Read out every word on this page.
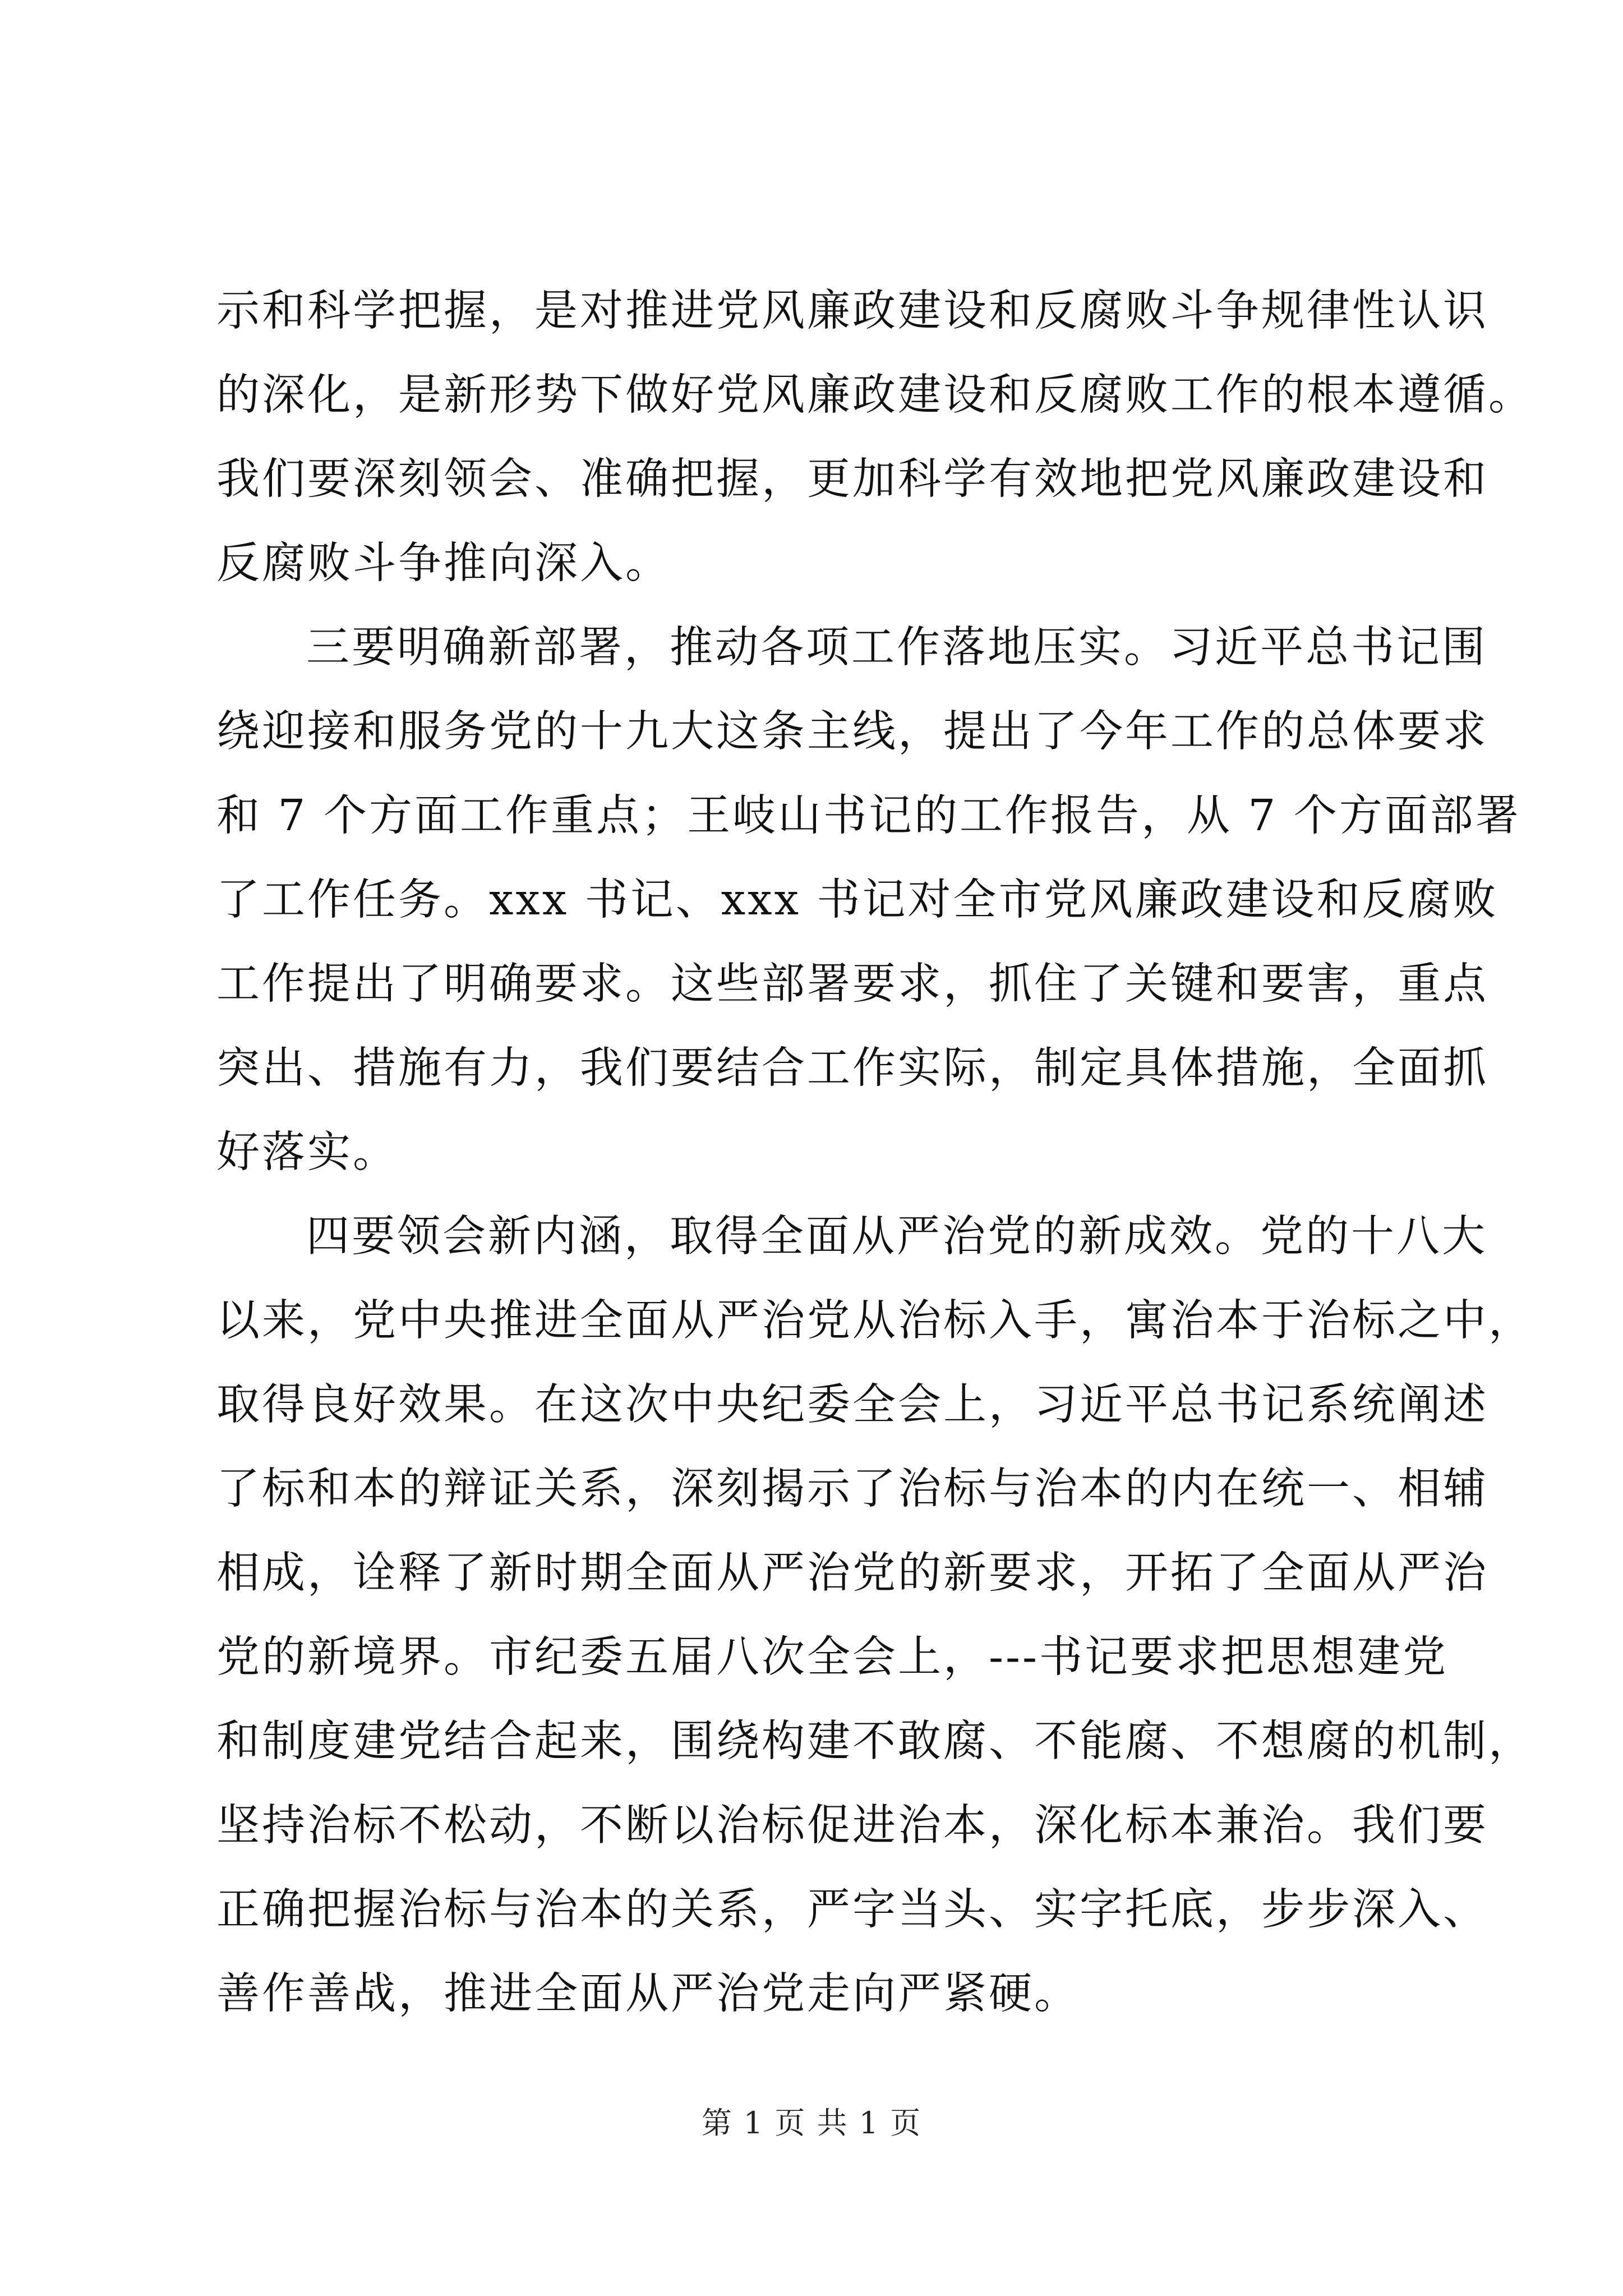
示和科学把握，是对推进党风廉政建设和反腐败斗争规律性认识
的深化，是新形势下做好党风廉政建设和反腐败工作的根本遵循。
我们要深刻领会、准确把握，更加科学有效地把党风廉政建设和
反腐败斗争推向深入。
三要明确新部署，推动各项工作落地压实。习近平总书记围
绕迎接和服务党的十九大这条主线，提出了今年工作的总体要求
和 7 个方面工作重点；王岐山书记的工作报告，从 7 个方面部署
了工作任务。xxx 书记、xxx 书记对全市党风廉政建设和反腐败
工作提出了明确要求。这些部署要求，抓住了关键和要害，重点
突出、措施有力，我们要结合工作实际，制定具体措施，全面抓
好落实。
四要领会新内涵，取得全面从严治党的新成效。党的十八大
以来，党中央推进全面从严治党从治标入手，寓治本于治标之中，
取得良好效果。在这次中央纪委全会上，习近平总书记系统阐述
了标和本的辩证关系，深刻揭示了治标与治本的内在统一、相辅
相成，诠释了新时期全面从严治党的新要求，开拓了全面从严治
党的新境界。市纪委五届八次全会上，---书记要求把思想建党
和制度建党结合起来，围绕构建不敢腐、不能腐、不想腐的机制，
坚持治标不松动，不断以治标促进治本，深化标本兼治。我们要
正确把握治标与治本的关系，严字当头、实字托底，步步深入、
善作善战，推进全面从严治党走向严紧硬。
第 1 页 共 1 页
